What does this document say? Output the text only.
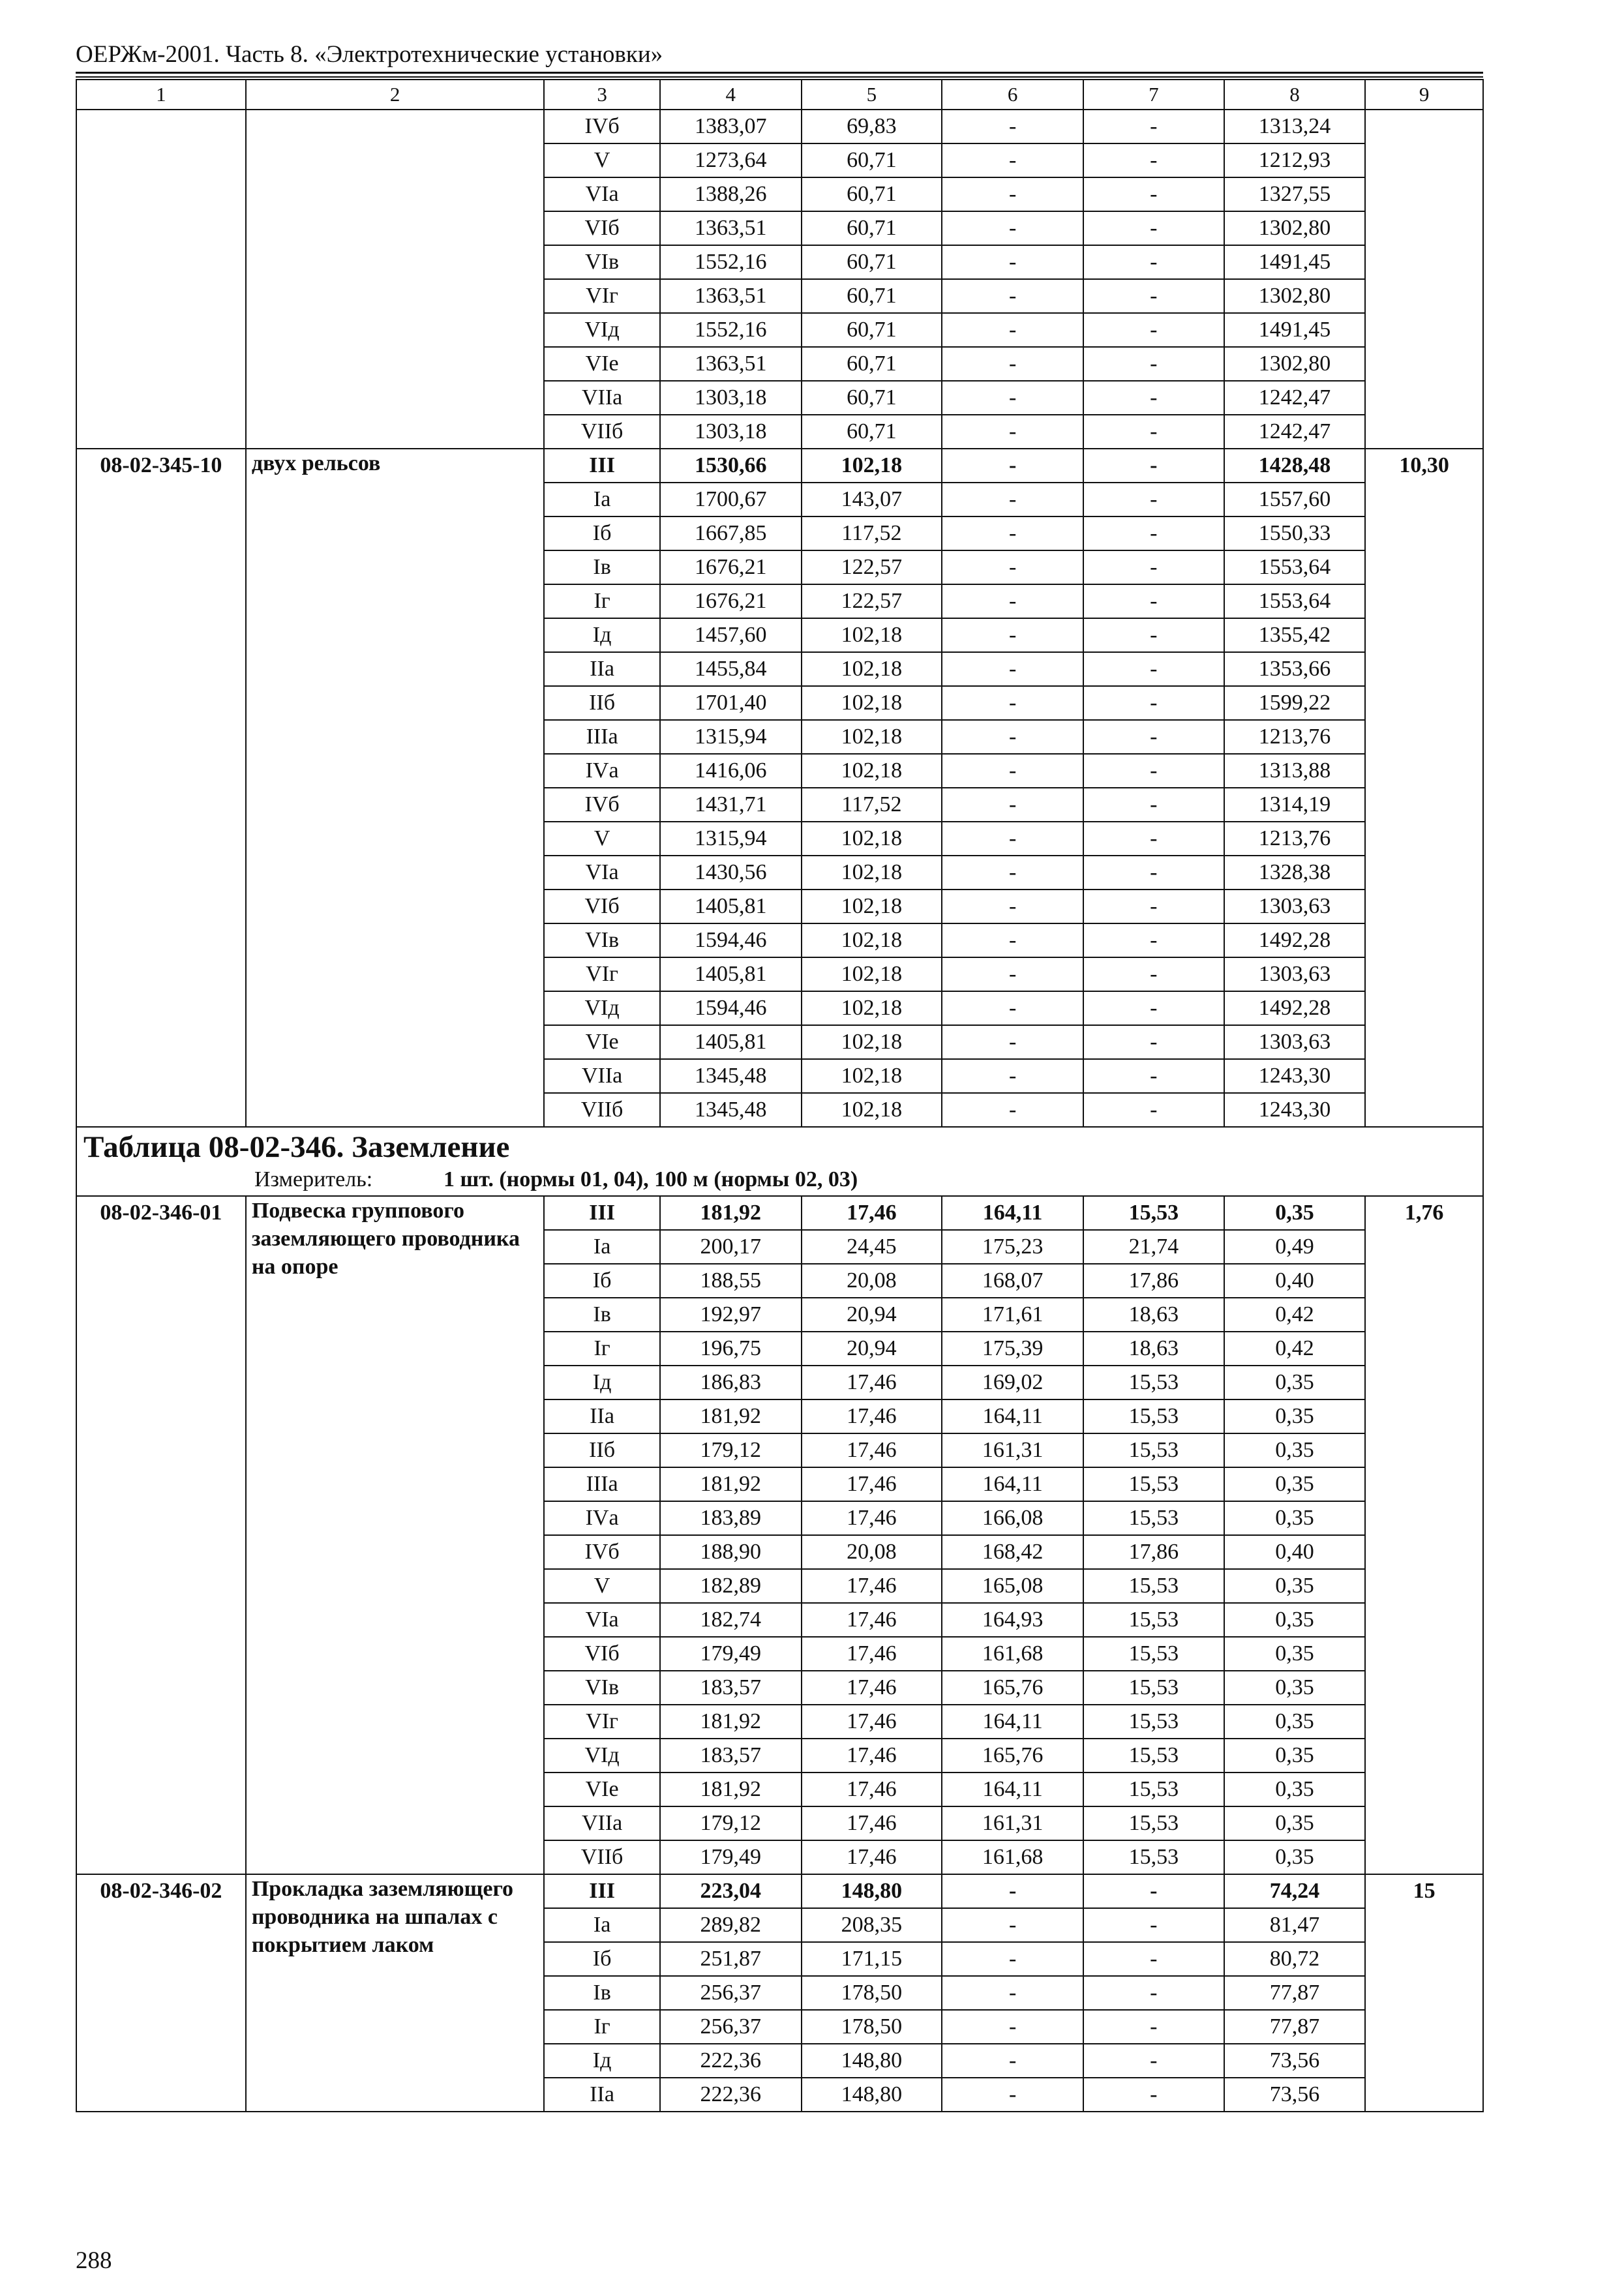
ОЕРЖм-2001. Часть 8. «Электротехнические установки»
1	2	3	4	5	6	7	8	9
		IVб	1383,07	69,83	-	-	1313,24	
		V	1273,64	60,71	-	-	1212,93	
		VIа	1388,26	60,71	-	-	1327,55	
		VIб	1363,51	60,71	-	-	1302,80	
		VIв	1552,16	60,71	-	-	1491,45	
		VIг	1363,51	60,71	-	-	1302,80	
		VIд	1552,16	60,71	-	-	1491,45	
		VIе	1363,51	60,71	-	-	1302,80	
		VIIа	1303,18	60,71	-	-	1242,47	
		VIIб	1303,18	60,71	-	-	1242,47	
08-02-345-10	двух рельсов	III	1530,66	102,18	-	-	1428,48	10,30
		Iа	1700,67	143,07	-	-	1557,60	
		Iб	1667,85	117,52	-	-	1550,33	
		Iв	1676,21	122,57	-	-	1553,64	
		Iг	1676,21	122,57	-	-	1553,64	
		Iд	1457,60	102,18	-	-	1355,42	
		IIа	1455,84	102,18	-	-	1353,66	
		IIб	1701,40	102,18	-	-	1599,22	
		IIIа	1315,94	102,18	-	-	1213,76	
		IVа	1416,06	102,18	-	-	1313,88	
		IVб	1431,71	117,52	-	-	1314,19	
		V	1315,94	102,18	-	-	1213,76	
		VIа	1430,56	102,18	-	-	1328,38	
		VIб	1405,81	102,18	-	-	1303,63	
		VIв	1594,46	102,18	-	-	1492,28	
		VIг	1405,81	102,18	-	-	1303,63	
		VIд	1594,46	102,18	-	-	1492,28	
		VIе	1405,81	102,18	-	-	1303,63	
		VIIа	1345,48	102,18	-	-	1243,30	
		VIIб	1345,48	102,18	-	-	1243,30	

Таблица 08-02-346. Заземление
Измеритель: 1 шт. (нормы 01, 04), 100 м (нормы 02, 03)								

08-02-346-01	Подвеска группового заземляющего проводника на опоре	III	181,92	17,46	164,11	15,53	0,35	1,76
		Iа	200,17	24,45	175,23	21,74	0,49	
		Iб	188,55	20,08	168,07	17,86	0,40	
		Iв	192,97	20,94	171,61	18,63	0,42	
		Iг	196,75	20,94	175,39	18,63	0,42	
		Iд	186,83	17,46	169,02	15,53	0,35	
		IIа	181,92	17,46	164,11	15,53	0,35	
		IIб	179,12	17,46	161,31	15,53	0,35	
		IIIа	181,92	17,46	164,11	15,53	0,35	
		IVа	183,89	17,46	166,08	15,53	0,35	
		IVб	188,90	20,08	168,42	17,86	0,40	
		V	182,89	17,46	165,08	15,53	0,35	
		VIа	182,74	17,46	164,93	15,53	0,35	
		VIб	179,49	17,46	161,68	15,53	0,35	
		VIв	183,57	17,46	165,76	15,53	0,35	
		VIг	181,92	17,46	164,11	15,53	0,35	
		VIд	183,57	17,46	165,76	15,53	0,35	
		VIе	181,92	17,46	164,11	15,53	0,35	
		VIIа	179,12	17,46	161,31	15,53	0,35	
		VIIб	179,49	17,46	161,68	15,53	0,35	
08-02-346-02	Прокладка заземляющего проводника на шпалах с покрытием лаком	III	223,04	148,80	-	-	74,24	15
		Iа	289,82	208,35	-	-	81,47	
		Iб	251,87	171,15	-	-	80,72	
		Iв	256,37	178,50	-	-	77,87	
		Iг	256,37	178,50	-	-	77,87	
		Iд	222,36	148,80	-	-	73,56	
		IIа	222,36	148,80	-	-	73,56	
288
